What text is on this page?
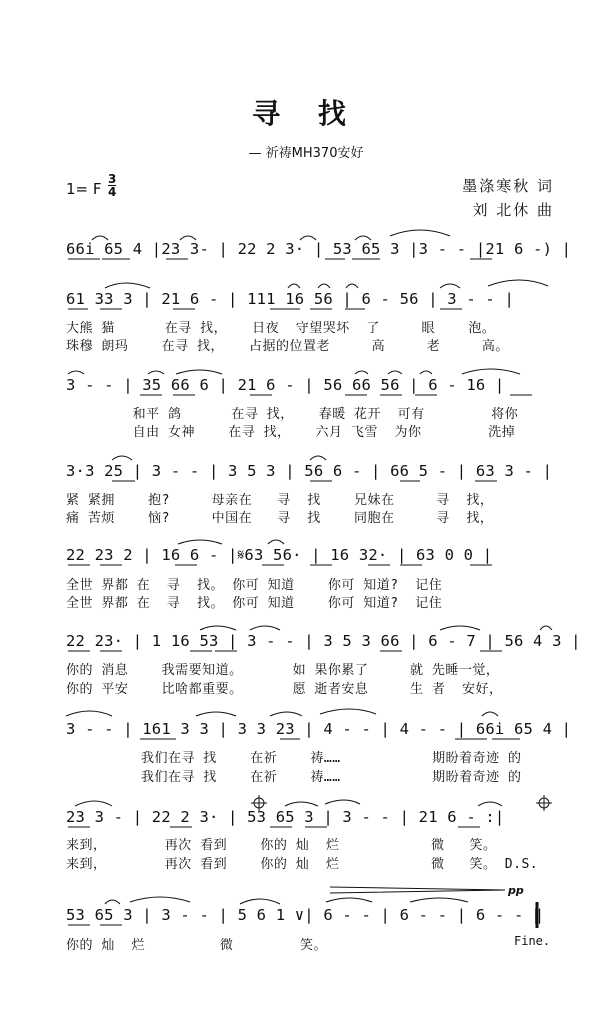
寻 找
— 祈祷MH370安好
1= F
3
4	墨涤寒秋 词
刘 北休 曲
66i 65 4 |23 3- | 22 2 3· | 53 65 3 |3 - - |21 6 -) |
61 33 3 | 21 6 - | 111 16 56 | 6 - 56 | 3 - - |
大熊 猫      在寻 找，   日夜  守望哭坏  了     眼    泡。
珠穆 朗玛    在寻 找，   占据的位置老     高     老     高。
3 - - | 35 66 6 | 21 6 - | 56 66 56 | 6 - 16 |
和平 鸽      在寻 找，   春暖 花开  可有        将你
自由 女神    在寻 找，   六月 飞雪  为你        洗掉
3·3 25 | 3 - - | 3 5 3 | 56 6 - | 66 5 - | 63 3 - |
紧 紧拥    抱?     母亲在   寻  找    兄妹在     寻  找，
痛 苦烦    恼?     中国在   寻  找    同胞在     寻  找，
22 23 2 | 16 6 - |𝄋63 56· | 16 32· | 63 0 0 |
全世 界都 在  寻  找。 你可 知道    你可 知道?  记住
全世 界都 在  寻  找。 你可 知道    你可 知道?  记住
22 23· | 1 16 53 | 3 - - | 3 5 3 66 | 6 - 7 | 56 4 3 |
你的 消息    我需要知道。      如 果你累了     就 先睡一觉，
你的 平安    比啥都重要。      愿 逝者安息     生 者  安好，
3 - - | 161 3 3 | 3 3 23 | 4 - - | 4 - - | 66i 65 4 |
我们在寻 找    在祈    祷……           期盼着奇迹 的
我们在寻 找    在祈    祷……           期盼着奇迹 的
23 3 - | 22 2 3· | 53 65 3 | 3 - - | 21 6 - :|
来到，       再次 看到    你的 灿  烂           微   笑。
来到，       再次 看到    你的 灿  烂           微   笑。 D.S.
53 65 3 | 3 - - | 5 6 1 ∨| 6 - - | 6 - - | 6 - - ‖
你的 灿  烂         微        笑。
pp
Fine.
